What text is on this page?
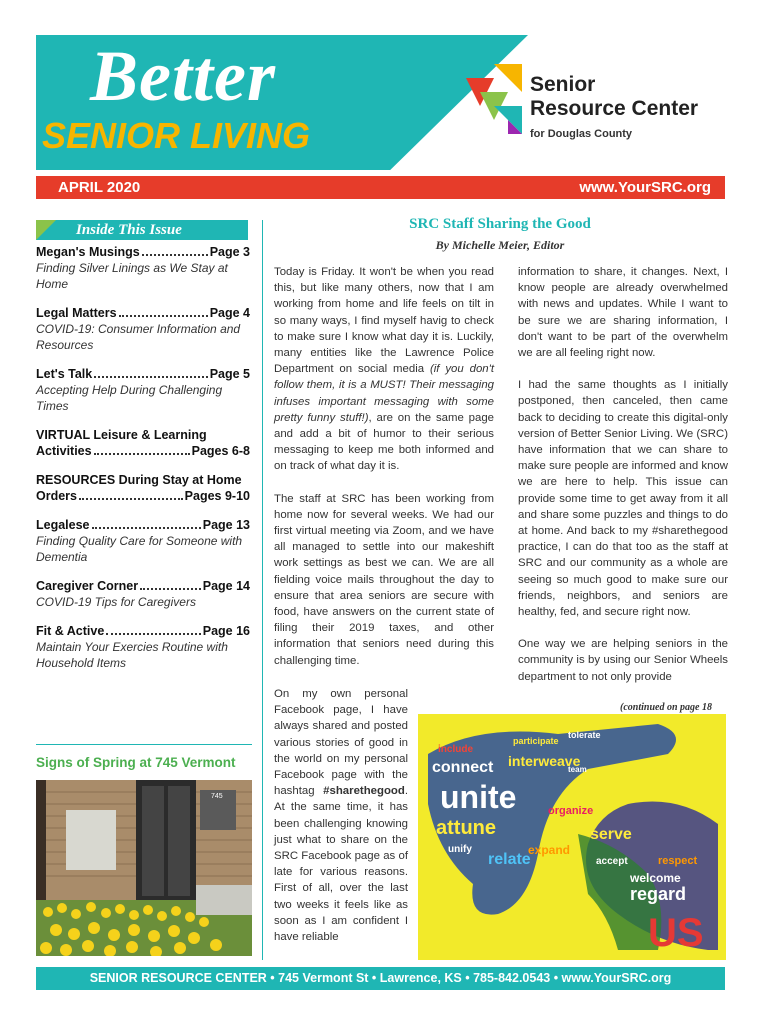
Better
SENIOR LIVING
Senior
Resource Center
for Douglas County
APRIL 2020	www.YourSRC.org
Inside This Issue
Megan's Musings	Page 3
Finding Silver Linings as We Stay at Home
Legal Matters	Page 4
COVID-19: Consumer Information and Resources
Let's Talk	Page 5
Accepting Help During Challenging Times
VIRTUAL Leisure & Learning
Activities	Pages 6-8
RESOURCES During Stay at Home
Orders	Pages 9-10
Legalese	Page 13
Finding Quality Care for Someone with Dementia
Caregiver Corner	Page 14
COVID-19 Tips for Caregivers
Fit & Active	Page 16
Maintain Your Exercies Routine with Household Items
Signs of Spring at 745 Vermont
745
SRC Staff Sharing the Good
By Michelle Meier, Editor

Today is Friday. It won't be when you read this, but like many others, now that I am working from home and life feels on tilt in so many ways, I find myself havig to check to make sure I know what day it is. Luckily, many entities like the Lawrence Police Department on social media (if you don't follow them, it is a MUST! Their messaging infuses important messaging with some pretty funny stuff!), are on the same page and add a bit of humor to their serious messaging to keep me both informed and on track of what day it is.

The staff at SRC has been working from home now for several weeks. We had our first virtual meeting via Zoom, and we have all managed to settle into our makeshift work settings as best we can. We are all fielding voice mails throughout the day to ensure that area seniors are secure with food, have answers on the current state of filing their 2019 taxes, and other information that seniors need during this challenging time.

On my own personal Facebook page, I have always shared and posted various stories of good in the world on my personal Facebook page with the hashtag #sharethegood. At the same time, it has been challenging knowing just what to share on the SRC Facebook page as of late for various reasons. First of all, over the last two weeks it feels like as soon as I am confident I have reliable

information to share, it changes. Next, I know people are already overwhelmed with news and updates. While I want to be sure we are sharing information, I don't want to be part of the overwhelm we are all feeling right now.

I had the same thoughts as I initially postponed, then canceled, then came back to deciding to create this digital-only version of Better Senior Living. We (SRC) have information that we can share to make sure people are informed and know we are here to help. This issue can provide some time to get away from it all and share some puzzles and things to do at home. And back to my #sharethegood practice, I can do that too as the staff at SRC and our community as a whole are seeing so much good to make sure our friends, neighbors, and seniors are healthy, fed, and secure right now.

One way we are helping seniors in the community is by using our Senior Wheels department to not only provide

(continued on page 18
include
participate
tolerate
connect interweave
team
unite
attune
organize
expand
relate
unify
serve
accept	respect
welcome
regard
US
SENIOR RESOURCE CENTER • 745 Vermont St • Lawrence, KS • 785-842.0543 • www.YourSRC.org
